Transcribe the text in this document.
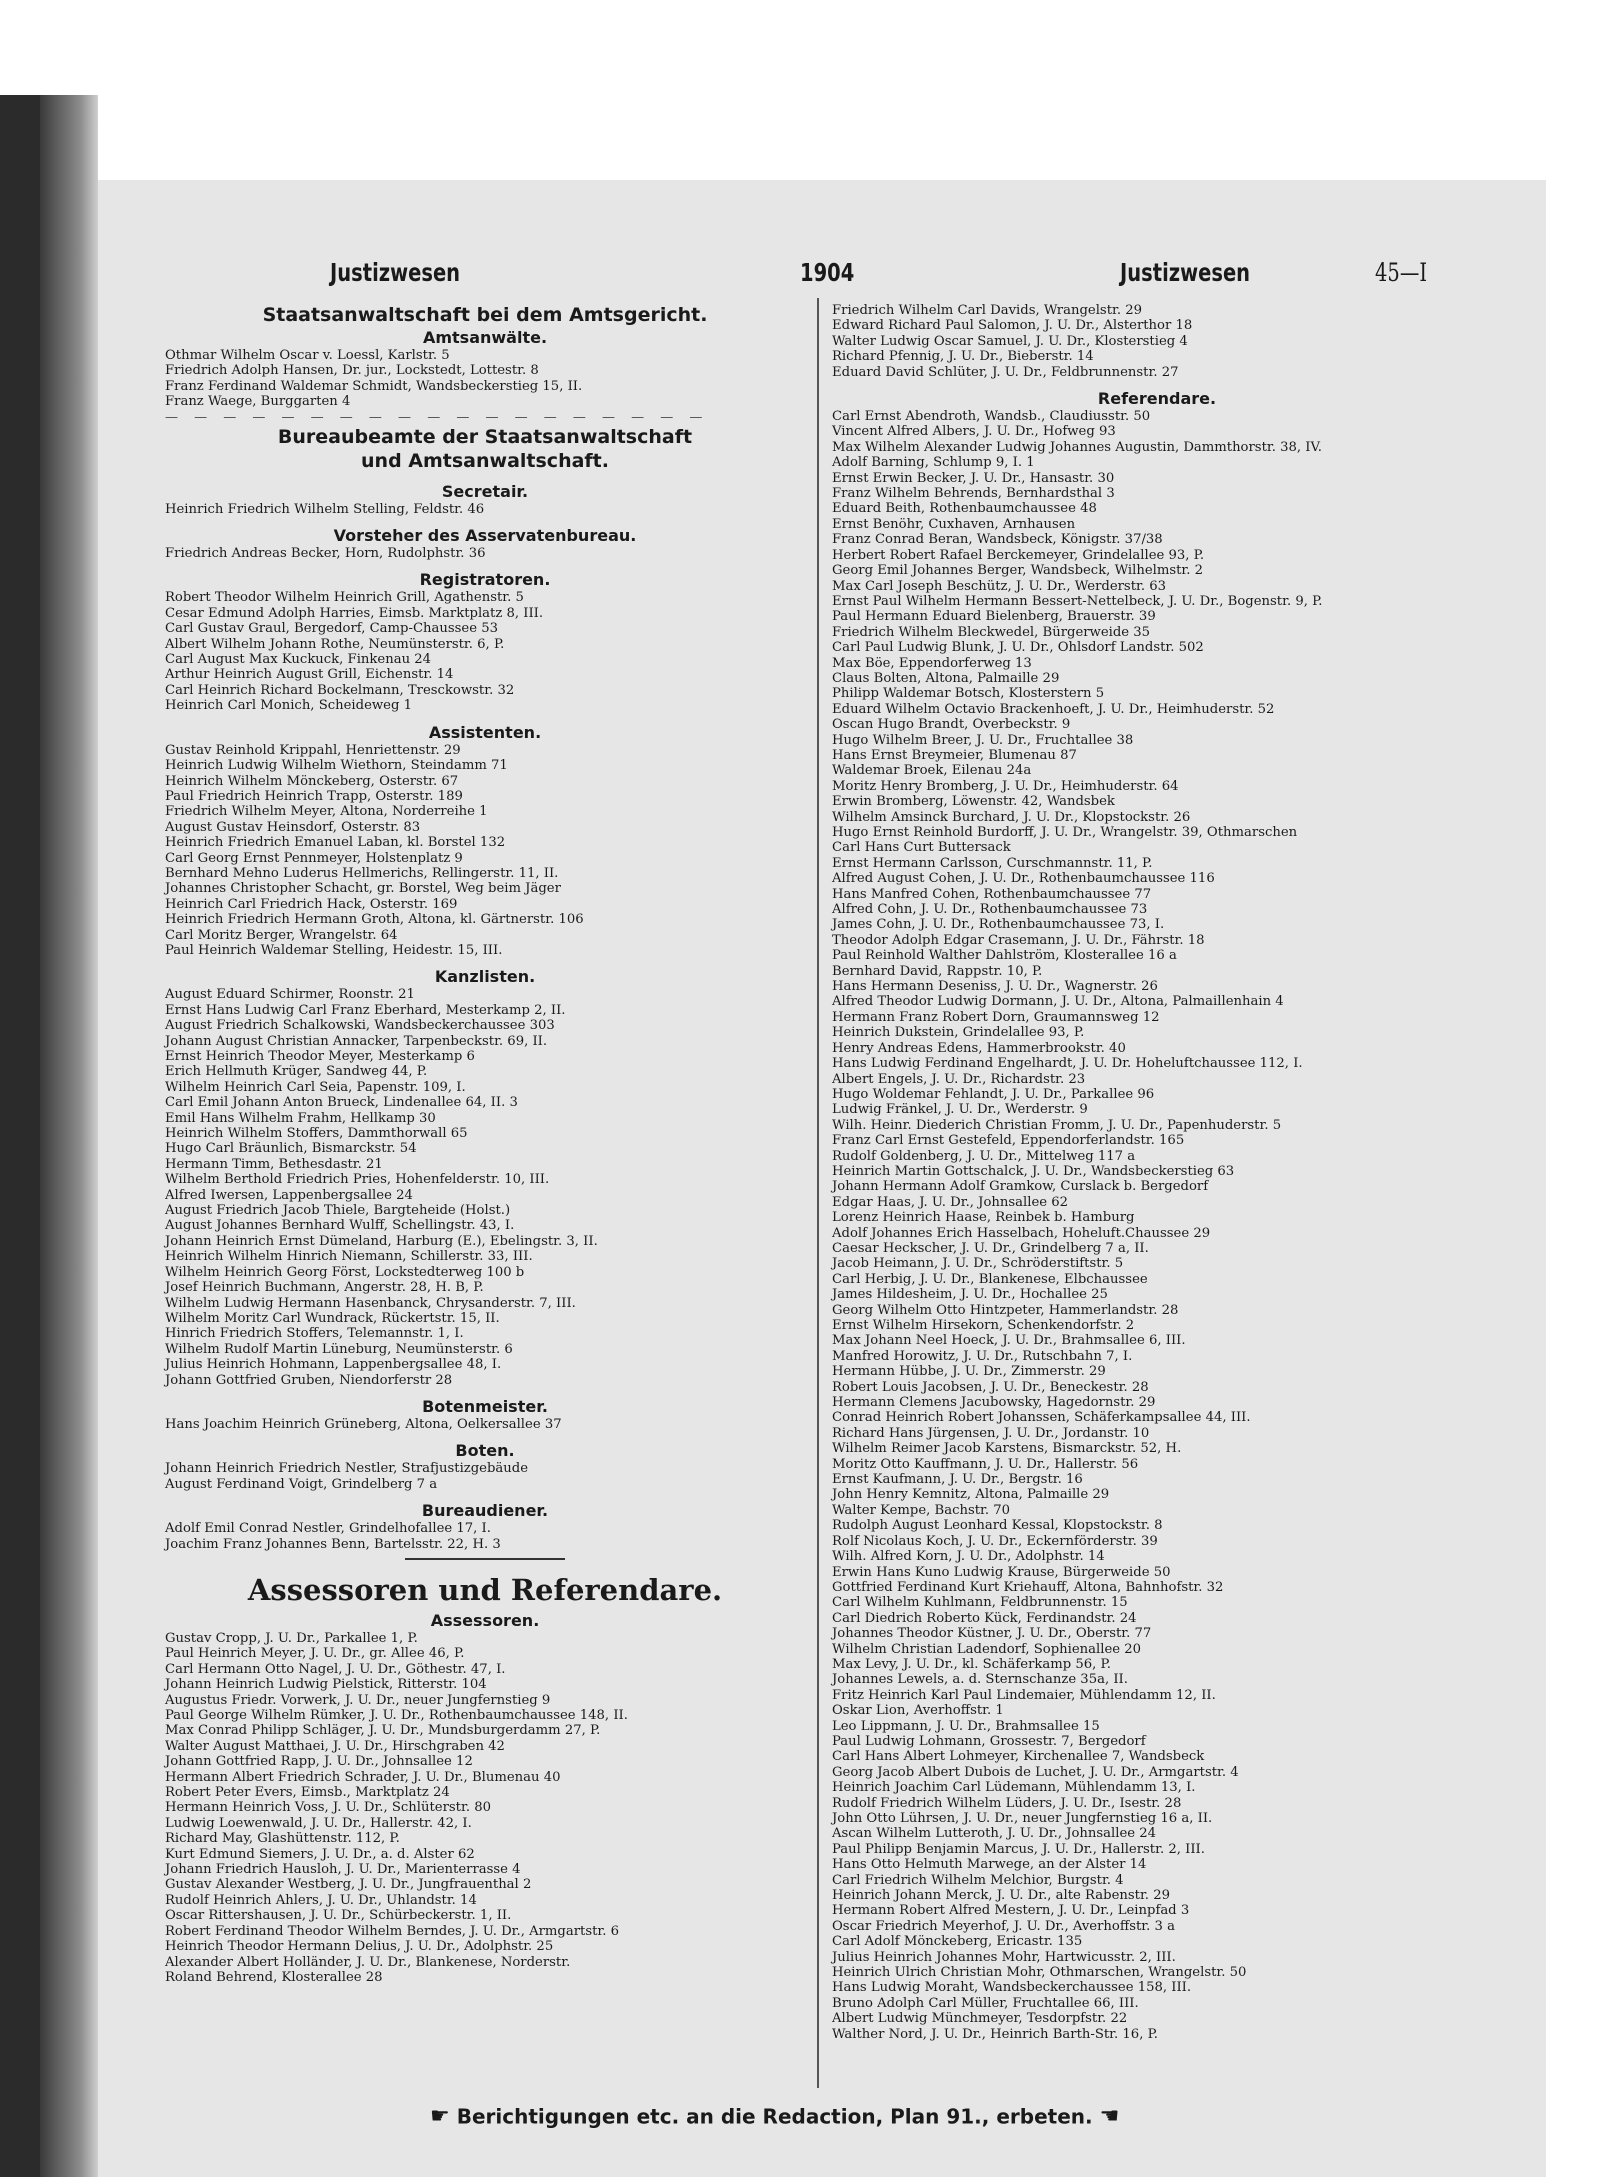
Justizwesen	1904	Justizwesen	45—I
Staatsanwaltschaft bei dem Amtsgericht.
Amtsanwälte.
Othmar Wilhelm Oscar v. Loessl, Karlstr. 5
Friedrich Adolph Hansen, Dr. jur., Lockstedt, Lottestr. 8
Franz Ferdinand Waldemar Schmidt, Wandsbeckerstieg 15, II.
Franz Waege, Burggarten 4
— — — — — — — — — — — — — — — — — — —
Bureaubeamte der Staatsanwaltschaft
und Amtsanwaltschaft.
Secretair.
Heinrich Friedrich Wilhelm Stelling, Feldstr. 46
Vorsteher des Asservatenbureau.
Friedrich Andreas Becker, Horn, Rudolphstr. 36
Registratoren.
Robert Theodor Wilhelm Heinrich Grill, Agathenstr. 5
Cesar Edmund Adolph Harries, Eimsb. Marktplatz 8, III.
Carl Gustav Graul, Bergedorf, Camp-Chaussee 53
Albert Wilhelm Johann Rothe, Neumünsterstr. 6, P.
Carl August Max Kuckuck, Finkenau 24
Arthur Heinrich August Grill, Eichenstr. 14
Carl Heinrich Richard Bockelmann, Tresckowstr. 32
Heinrich Carl Monich, Scheideweg 1
Assistenten.
Gustav Reinhold Krippahl, Henriettenstr. 29
Heinrich Ludwig Wilhelm Wiethorn, Steindamm 71
Heinrich Wilhelm Mönckeberg, Osterstr. 67
Paul Friedrich Heinrich Trapp, Osterstr. 189
Friedrich Wilhelm Meyer, Altona, Norderreihe 1
August Gustav Heinsdorf, Osterstr. 83
Heinrich Friedrich Emanuel Laban, kl. Borstel 132
Carl Georg Ernst Pennmeyer, Holstenplatz 9
Bernhard Mehno Luderus Hellmerichs, Rellingerstr. 11, II.
Johannes Christopher Schacht, gr. Borstel, Weg beim Jäger
Heinrich Carl Friedrich Hack, Osterstr. 169
Heinrich Friedrich Hermann Groth, Altona, kl. Gärtnerstr. 106
Carl Moritz Berger, Wrangelstr. 64
Paul Heinrich Waldemar Stelling, Heidestr. 15, III.
Kanzlisten.
August Eduard Schirmer, Roonstr. 21
Ernst Hans Ludwig Carl Franz Eberhard, Mesterkamp 2, II.
August Friedrich Schalkowski, Wandsbeckerchaussee 303
Johann August Christian Annacker, Tarpenbeckstr. 69, II.
Ernst Heinrich Theodor Meyer, Mesterkamp 6
Erich Hellmuth Krüger, Sandweg 44, P.
Wilhelm Heinrich Carl Seia, Papenstr. 109, I.
Carl Emil Johann Anton Brueck, Lindenallee 64, II. 3
Emil Hans Wilhelm Frahm, Hellkamp 30
Heinrich Wilhelm Stoffers, Dammthorwall 65
Hugo Carl Bräunlich, Bismarckstr. 54
Hermann Timm, Bethesdastr. 21
Wilhelm Berthold Friedrich Pries, Hohenfelderstr. 10, III.
Alfred Iwersen, Lappenbergsallee 24
August Friedrich Jacob Thiele, Bargteheide (Holst.)
August Johannes Bernhard Wulff, Schellingstr. 43, I.
Johann Heinrich Ernst Dümeland, Harburg (E.), Ebelingstr. 3, II.
Heinrich Wilhelm Hinrich Niemann, Schillerstr. 33, III.
Wilhelm Heinrich Georg Först, Lockstedterweg 100 b
Josef Heinrich Buchmann, Angerstr. 28, H. B, P.
Wilhelm Ludwig Hermann Hasenbanck, Chrysanderstr. 7, III.
Wilhelm Moritz Carl Wundrack, Rückertstr. 15, II.
Hinrich Friedrich Stoffers, Telemannstr. 1, I.
Wilhelm Rudolf Martin Lüneburg, Neumünsterstr. 6
Julius Heinrich Hohmann, Lappenbergsallee 48, I.
Johann Gottfried Gruben, Niendorferstr 28
Botenmeister.
Hans Joachim Heinrich Grüneberg, Altona, Oelkersallee 37
Boten.
Johann Heinrich Friedrich Nestler, Strafjustizgebäude
August Ferdinand Voigt, Grindelberg 7 a
Bureaudiener.
Adolf Emil Conrad Nestler, Grindelhofallee 17, I.
Joachim Franz Johannes Benn, Bartelsstr. 22, H. 3
Assessoren und Referendare.
Assessoren.
Gustav Cropp, J. U. Dr., Parkallee 1, P.
Paul Heinrich Meyer, J. U. Dr., gr. Allee 46, P.
Carl Hermann Otto Nagel, J. U. Dr., Göthestr. 47, I.
Johann Heinrich Ludwig Pielstick, Ritterstr. 104
Augustus Friedr. Vorwerk, J. U. Dr., neuer Jungfernstieg 9
Paul George Wilhelm Rümker, J. U. Dr., Rothenbaumchaussee 148, II.
Max Conrad Philipp Schläger, J. U. Dr., Mundsburgerdamm 27, P.
Walter August Matthaei, J. U. Dr., Hirschgraben 42
Johann Gottfried Rapp, J. U. Dr., Johnsallee 12
Hermann Albert Friedrich Schrader, J. U. Dr., Blumenau 40
Robert Peter Evers, Eimsb., Marktplatz 24
Hermann Heinrich Voss, J. U. Dr., Schlüterstr. 80
Ludwig Loewenwald, J. U. Dr., Hallerstr. 42, I.
Richard May, Glashüttenstr. 112, P.
Kurt Edmund Siemers, J. U. Dr., a. d. Alster 62
Johann Friedrich Hausloh, J. U. Dr., Marienterrasse 4
Gustav Alexander Westberg, J. U. Dr., Jungfrauenthal 2
Rudolf Heinrich Ahlers, J. U. Dr., Uhlandstr. 14
Oscar Rittershausen, J. U. Dr., Schürbeckerstr. 1, II.
Robert Ferdinand Theodor Wilhelm Berndes, J. U. Dr., Armgartstr. 6
Heinrich Theodor Hermann Delius, J. U. Dr., Adolphstr. 25
Alexander Albert Holländer, J. U. Dr., Blankenese, Norderstr.
Roland Behrend, Klosterallee 28
Friedrich Wilhelm Carl Davids, Wrangelstr. 29
Edward Richard Paul Salomon, J. U. Dr., Alsterthor 18
Walter Ludwig Oscar Samuel, J. U. Dr., Klosterstieg 4
Richard Pfennig, J. U. Dr., Bieberstr. 14
Eduard David Schlüter, J. U. Dr., Feldbrunnenstr. 27
Referendare.
Carl Ernst Abendroth, Wandsb., Claudiusstr. 50
Vincent Alfred Albers, J. U. Dr., Hofweg 93
Max Wilhelm Alexander Ludwig Johannes Augustin, Dammthorstr. 38, IV.
Adolf Barning, Schlump 9, I. 1
Ernst Erwin Becker, J. U. Dr., Hansastr. 30
Franz Wilhelm Behrends, Bernhardsthal 3
Eduard Beith, Rothenbaumchaussee 48
Ernst Benöhr, Cuxhaven, Arnhausen
Franz Conrad Beran, Wandsbeck, Königstr. 37/38
Herbert Robert Rafael Berckemeyer, Grindelallee 93, P.
Georg Emil Johannes Berger, Wandsbeck, Wilhelmstr. 2
Max Carl Joseph Beschütz, J. U. Dr., Werderstr. 63
Ernst Paul Wilhelm Hermann Bessert-Nettelbeck, J. U. Dr., Bogenstr. 9, P.
Paul Hermann Eduard Bielenberg, Brauerstr. 39
Friedrich Wilhelm Bleckwedel, Bürgerweide 35
Carl Paul Ludwig Blunk, J. U. Dr., Ohlsdorf Landstr. 502
Max Böe, Eppendorferweg 13
Claus Bolten, Altona, Palmaille 29
Philipp Waldemar Botsch, Klosterstern 5
Eduard Wilhelm Octavio Brackenhoeft, J. U. Dr., Heimhuderstr. 52
Oscan Hugo Brandt, Overbeckstr. 9
Hugo Wilhelm Breer, J. U. Dr., Fruchtallee 38
Hans Ernst Breymeier, Blumenau 87
Waldemar Broek, Eilenau 24a
Moritz Henry Bromberg, J. U. Dr., Heimhuderstr. 64
Erwin Bromberg, Löwenstr. 42, Wandsbek
Wilhelm Amsinck Burchard, J. U. Dr., Klopstockstr. 26
Hugo Ernst Reinhold Burdorff, J. U. Dr., Wrangelstr. 39, Othmarschen
Carl Hans Curt Buttersack
Ernst Hermann Carlsson, Curschmannstr. 11, P.
Alfred August Cohen, J. U. Dr., Rothenbaumchaussee 116
Hans Manfred Cohen, Rothenbaumchaussee 77
Alfred Cohn, J. U. Dr., Rothenbaumchaussee 73
James Cohn, J. U. Dr., Rothenbaumchaussee 73, I.
Theodor Adolph Edgar Crasemann, J. U. Dr., Fährstr. 18
Paul Reinhold Walther Dahlström, Klosterallee 16 a
Bernhard David, Rappstr. 10, P.
Hans Hermann Deseniss, J. U. Dr., Wagnerstr. 26
Alfred Theodor Ludwig Dormann, J. U. Dr., Altona, Palmaillenhain 4
Hermann Franz Robert Dorn, Graumannsweg 12
Heinrich Dukstein, Grindelallee 93, P.
Henry Andreas Edens, Hammerbrookstr. 40
Hans Ludwig Ferdinand Engelhardt, J. U. Dr. Hoheluftchaussee 112, I.
Albert Engels, J. U. Dr., Richardstr. 23
Hugo Woldemar Fehlandt, J. U. Dr., Parkallee 96
Ludwig Fränkel, J. U. Dr., Werderstr. 9
Wilh. Heinr. Diederich Christian Fromm, J. U. Dr., Papenhuderstr. 5
Franz Carl Ernst Gestefeld, Eppendorferlandstr. 165
Rudolf Goldenberg, J. U. Dr., Mittelweg 117 a
Heinrich Martin Gottschalck, J. U. Dr., Wandsbeckerstieg 63
Johann Hermann Adolf Gramkow, Curslack b. Bergedorf
Edgar Haas, J. U. Dr., Johnsallee 62
Lorenz Heinrich Haase, Reinbek b. Hamburg
Adolf Johannes Erich Hasselbach, Hoheluft.Chaussee 29
Caesar Heckscher, J. U. Dr., Grindelberg 7 a, II.
Jacob Heimann, J. U. Dr., Schröderstiftstr. 5
Carl Herbig, J. U. Dr., Blankenese, Elbchaussee
James Hildesheim, J. U. Dr., Hochallee 25
Georg Wilhelm Otto Hintzpeter, Hammerlandstr. 28
Ernst Wilhelm Hirsekorn, Schenkendorfstr. 2
Max Johann Neel Hoeck, J. U. Dr., Brahmsallee 6, III.
Manfred Horowitz, J. U. Dr., Rutschbahn 7, I.
Hermann Hübbe, J. U. Dr., Zimmerstr. 29
Robert Louis Jacobsen, J. U. Dr., Beneckestr. 28
Hermann Clemens Jacubowsky, Hagedornstr. 29
Conrad Heinrich Robert Johanssen, Schäferkampsallee 44, III.
Richard Hans Jürgensen, J. U. Dr., Jordanstr. 10
Wilhelm Reimer Jacob Karstens, Bismarckstr. 52, H.
Moritz Otto Kauffmann, J. U. Dr., Hallerstr. 56
Ernst Kaufmann, J. U. Dr., Bergstr. 16
John Henry Kemnitz, Altona, Palmaille 29
Walter Kempe, Bachstr. 70
Rudolph August Leonhard Kessal, Klopstockstr. 8
Rolf Nicolaus Koch, J. U. Dr., Eckernförderstr. 39
Wilh. Alfred Korn, J. U. Dr., Adolphstr. 14
Erwin Hans Kuno Ludwig Krause, Bürgerweide 50
Gottfried Ferdinand Kurt Kriehauff, Altona, Bahnhofstr. 32
Carl Wilhelm Kuhlmann, Feldbrunnenstr. 15
Carl Diedrich Roberto Kück, Ferdinandstr. 24
Johannes Theodor Küstner, J. U. Dr., Oberstr. 77
Wilhelm Christian Ladendorf, Sophienallee 20
Max Levy, J. U. Dr., kl. Schäferkamp 56, P.
Johannes Lewels, a. d. Sternschanze 35a, II.
Fritz Heinrich Karl Paul Lindemaier, Mühlendamm 12, II.
Oskar Lion, Averhoffstr. 1
Leo Lippmann, J. U. Dr., Brahmsallee 15
Paul Ludwig Lohmann, Grossestr. 7, Bergedorf
Carl Hans Albert Lohmeyer, Kirchenallee 7, Wandsbeck
Georg Jacob Albert Dubois de Luchet, J. U. Dr., Armgartstr. 4
Heinrich Joachim Carl Lüdemann, Mühlendamm 13, I.
Rudolf Friedrich Wilhelm Lüders, J. U. Dr., Isestr. 28
John Otto Lührsen, J. U. Dr., neuer Jungfernstieg 16 a, II.
Ascan Wilhelm Lutteroth, J. U. Dr., Johnsallee 24
Paul Philipp Benjamin Marcus, J. U. Dr., Hallerstr. 2, III.
Hans Otto Helmuth Marwege, an der Alster 14
Carl Friedrich Wilhelm Melchior, Burgstr. 4
Heinrich Johann Merck, J. U. Dr., alte Rabenstr. 29
Hermann Robert Alfred Mestern, J. U. Dr., Leinpfad 3
Oscar Friedrich Meyerhof, J. U. Dr., Averhoffstr. 3 a
Carl Adolf Mönckeberg, Ericastr. 135
Julius Heinrich Johannes Mohr, Hartwicusstr. 2, III.
Heinrich Ulrich Christian Mohr, Othmarschen, Wrangelstr. 50
Hans Ludwig Moraht, Wandsbeckerchaussee 158, III.
Bruno Adolph Carl Müller, Fruchtallee 66, III.
Albert Ludwig Münchmeyer, Tesdorpfstr. 22
Walther Nord, J. U. Dr., Heinrich Barth-Str. 16, P.
☛ Berichtigungen etc. an die Redaction, Plan 91., erbeten. ☚
